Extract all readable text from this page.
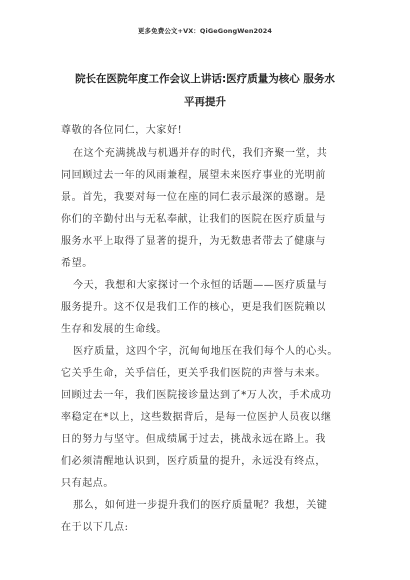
更多免费公文+VX：QiGeGongWen2024
院长在医院年度工作会议上讲话:医疗质量为核心 服务水
平再提升
尊敬的各位同仁，大家好!
在这个充满挑战与机遇并存的时代，我们齐聚一堂，共
同回顾过去一年的风雨兼程，展望未来医疗事业的光明前
景。首先，我要对每一位在座的同仁表示最深的感谢。是
你们的辛勤付出与无私奉献，让我们的医院在医疗质量与
服务水平上取得了显著的提升，为无数患者带去了健康与
希望。
今天，我想和大家探讨一个永恒的话题——医疗质量与
服务提升。这不仅是我们工作的核心，更是我们医院赖以
生存和发展的生命线。
医疗质量，这四个字，沉甸甸地压在我们每个人的心头。
它关乎生命，关乎信任，更关乎我们医院的声誉与未来。
回顾过去一年，我们医院接诊量达到了*万人次，手术成功
率稳定在*以上，这些数据背后，是每一位医护人员夜以继
日的努力与坚守。但成绩属于过去，挑战永远在路上。我
们必须清醒地认识到，医疗质量的提升，永远没有终点，
只有起点。
那么，如何进一步提升我们的医疗质量呢？我想，关键
在于以下几点:
